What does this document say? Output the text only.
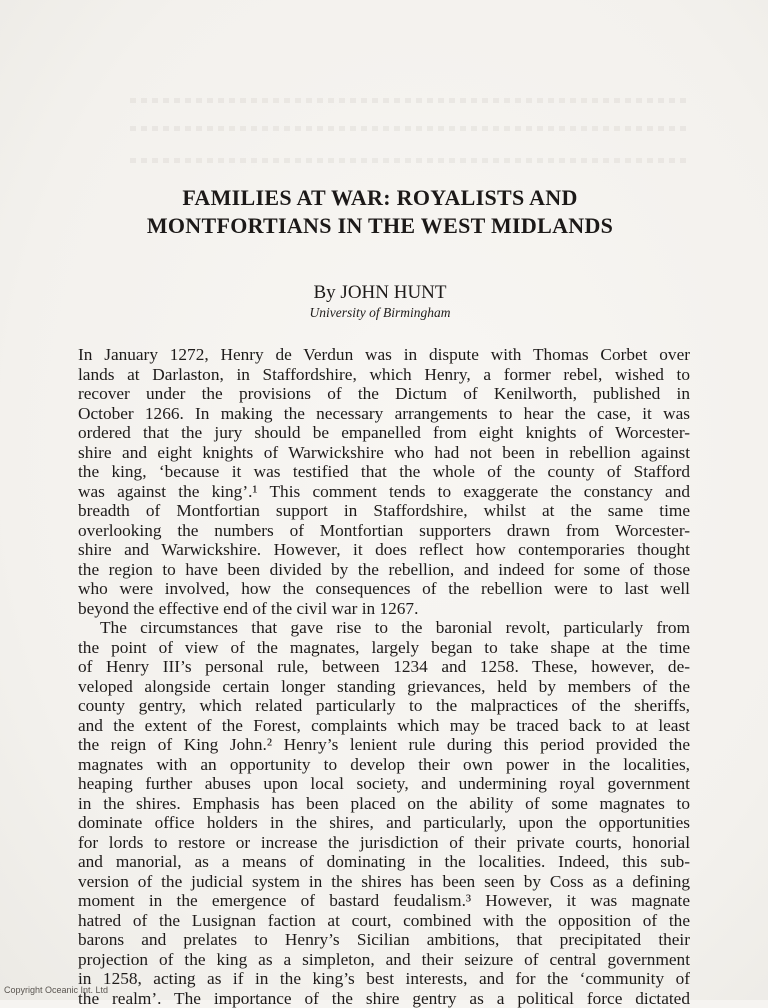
FAMILIES AT WAR: ROYALISTS AND
MONTFORTIANS IN THE WEST MIDLANDS

By JOHN HUNT

University of Birmingham

In January 1272, Henry de Verdun was in dispute with Thomas Corbet over
lands at Darlaston, in Staffordshire, which Henry, a former rebel, wished to
recover under the provisions of the Dictum of Kenilworth, published in
October 1266. In making the necessary arrangements to hear the case, it was
ordered that the jury should be empanelled from eight knights of Worcester-
shire and eight knights of Warwickshire who had not been in rebellion against
the king, ‘because it was testified that the whole of the county of Stafford
was against the king’.¹ This comment tends to exaggerate the constancy and
breadth of Montfortian support in Staffordshire, whilst at the same time
overlooking the numbers of Montfortian supporters drawn from Worcester-
shire and Warwickshire. However, it does reflect how contemporaries thought
the region to have been divided by the rebellion, and indeed for some of those
who were involved, how the consequences of the rebellion were to last well
beyond the effective end of the civil war in 1267.
The circumstances that gave rise to the baronial revolt, particularly from
the point of view of the magnates, largely began to take shape at the time
of Henry III’s personal rule, between 1234 and 1258. These, however, de-
veloped alongside certain longer standing grievances, held by members of the
county gentry, which related particularly to the malpractices of the sheriffs,
and the extent of the Forest, complaints which may be traced back to at least
the reign of King John.² Henry’s lenient rule during this period provided the
magnates with an opportunity to develop their own power in the localities,
heaping further abuses upon local society, and undermining royal government
in the shires. Emphasis has been placed on the ability of some magnates to
dominate office holders in the shires, and particularly, upon the opportunities
for lords to restore or increase the jurisdiction of their private courts, honorial
and manorial, as a means of dominating in the localities. Indeed, this sub-
version of the judicial system in the shires has been seen by Coss as a defining
moment in the emergence of bastard feudalism.³ However, it was magnate
hatred of the Lusignan faction at court, combined with the opposition of the
barons and prelates to Henry’s Sicilian ambitions, that precipitated their
projection of the king as a simpleton, and their seizure of central government
in 1258, acting as if in the king’s best interests, and for the ‘community of
the realm’. The importance of the shire gentry as a political force dictated
Copyright Oceanic Int. Ltd
